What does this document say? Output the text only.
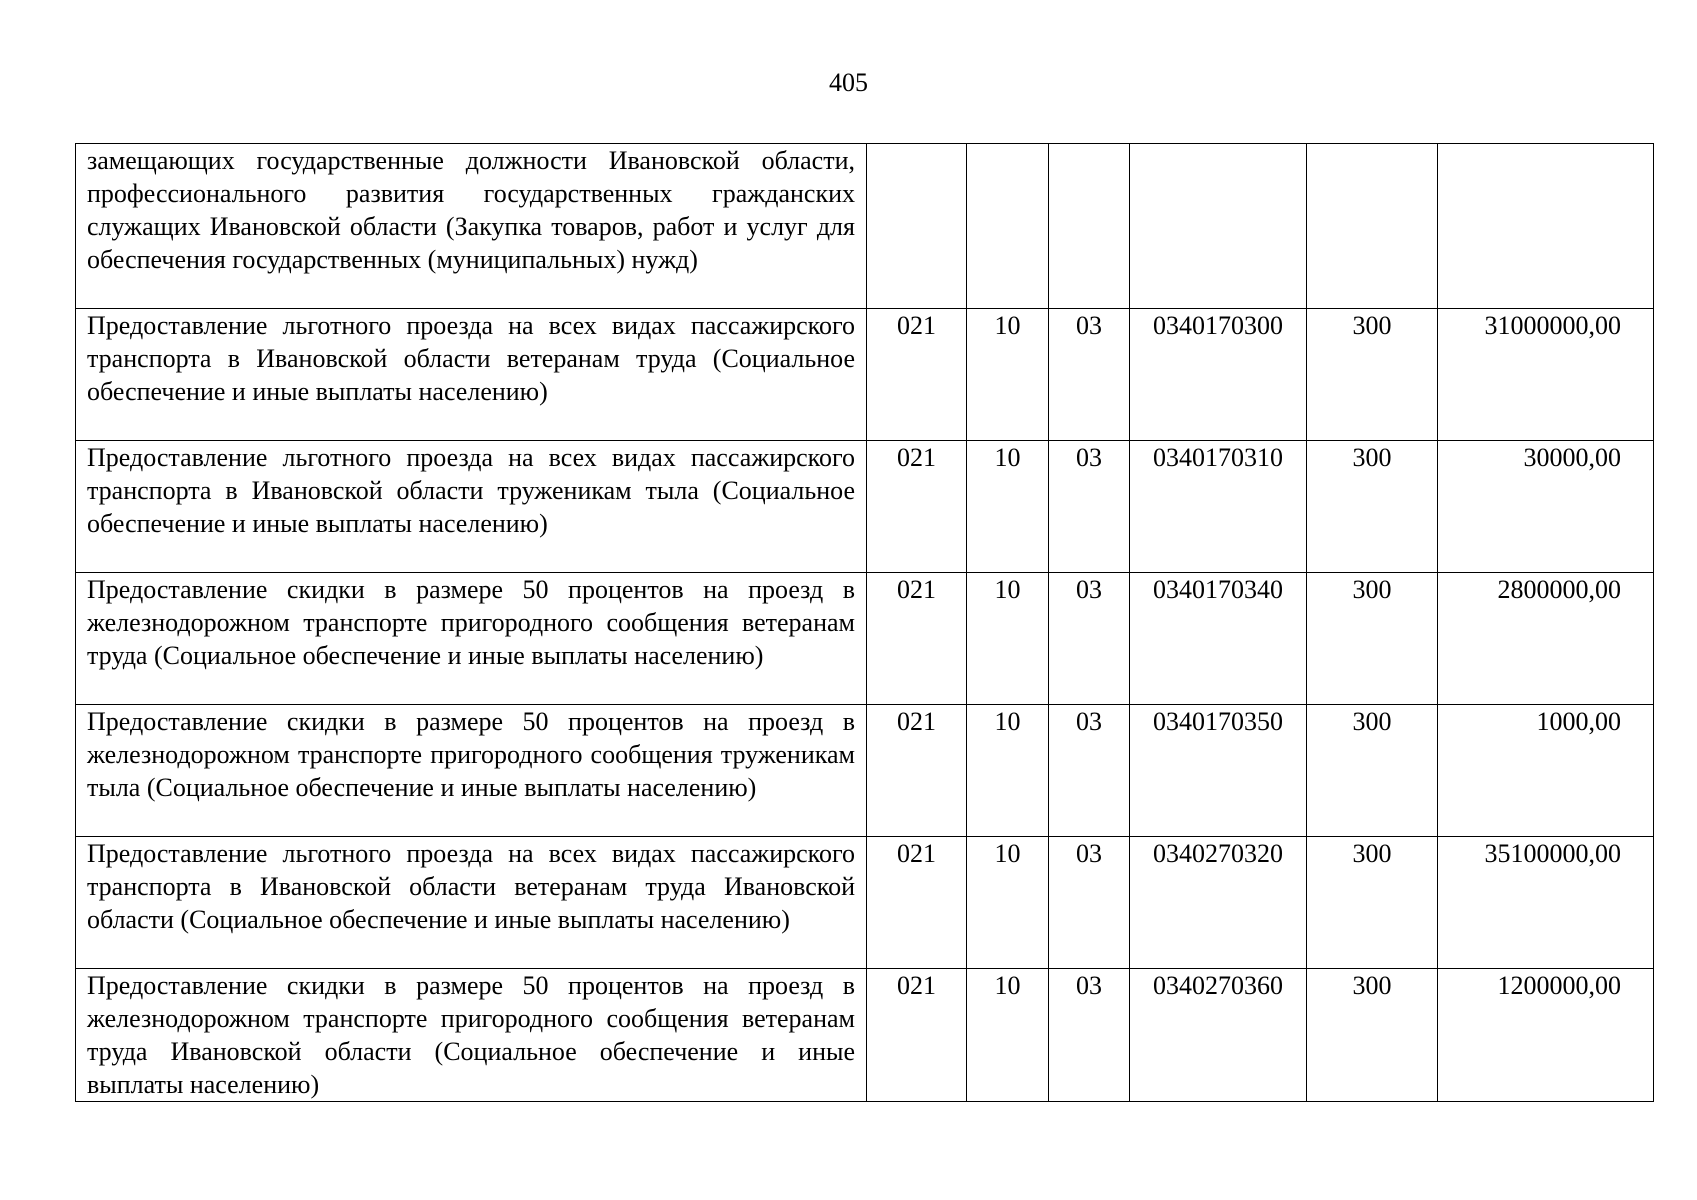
405
замещающих государственные должности Ивановской области, профессионального развития государственных гражданских служащих Ивановской области (Закупка товаров, работ и услуг для обеспечения государственных (муниципальных) нужд)						
Предоставление льготного проезда на всех видах пассажирского транспорта в Ивановской области ветеранам труда (Социальное обеспечение и иные выплаты населению)	021	10	03	0340170300	300	31000000,00
Предоставление льготного проезда на всех видах пассажирского транспорта в Ивановской области труженикам тыла (Социальное обеспечение и иные выплаты населению)	021	10	03	0340170310	300	30000,00
Предоставление скидки в размере 50 процентов на проезд в железнодорожном транспорте пригородного сообщения ветеранам труда (Социальное обеспечение и иные выплаты населению)	021	10	03	0340170340	300	2800000,00
Предоставление скидки в размере 50 процентов на проезд в железнодорожном транспорте пригородного сообщения труженикам тыла (Социальное обеспечение и иные выплаты населению)	021	10	03	0340170350	300	1000,00
Предоставление льготного проезда на всех видах пассажирского транспорта в Ивановской области ветеранам труда Ивановской области (Социальное обеспечение и иные выплаты населению)	021	10	03	0340270320	300	35100000,00
Предоставление скидки в размере 50 процентов на проезд в железнодорожном транспорте пригородного сообщения ветеранам труда Ивановской области (Социальное обеспечение и иные выплаты населению)	021	10	03	0340270360	300	1200000,00
